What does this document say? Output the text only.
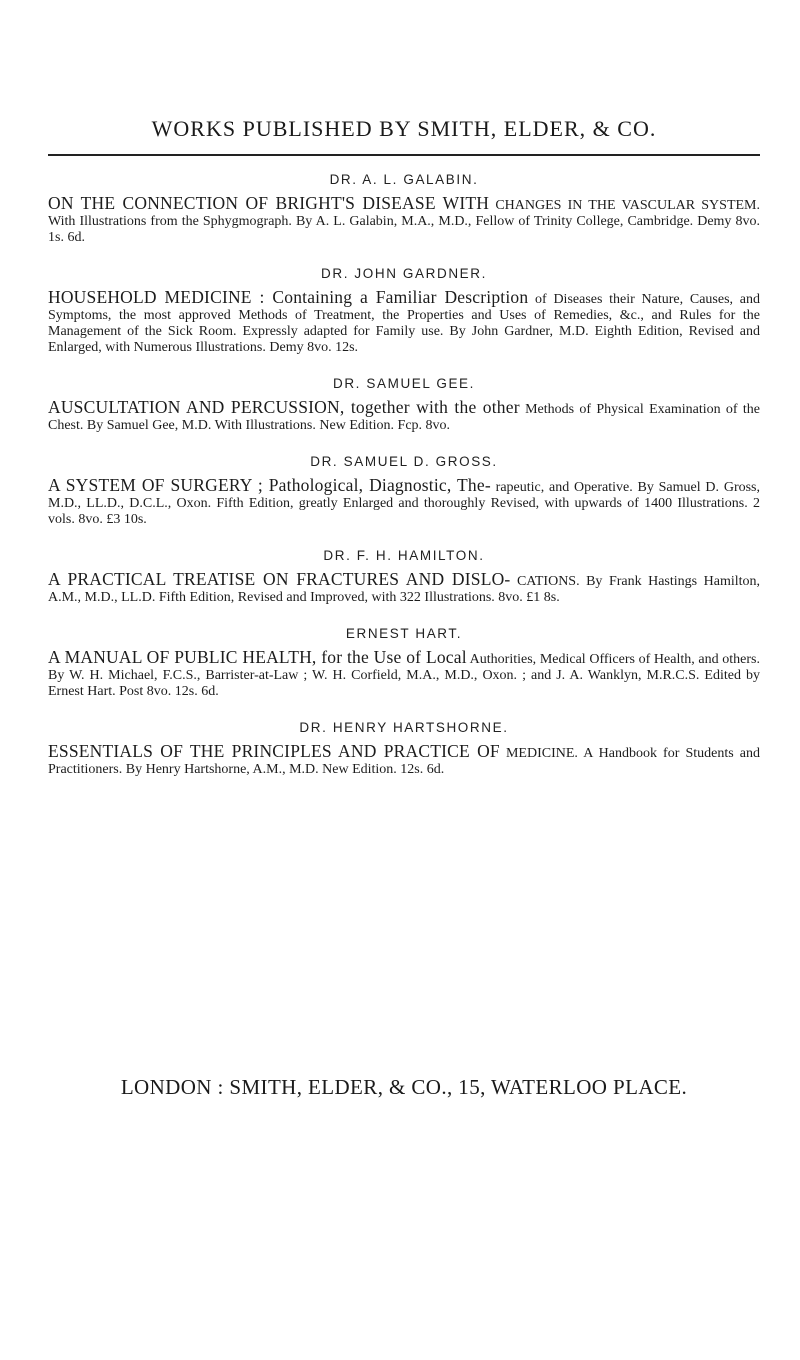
WORKS PUBLISHED BY SMITH, ELDER, & CO.
DR. A. L. GALABIN.

ON THE CONNECTION OF BRIGHT'S DISEASE WITH CHANGES IN THE VASCULAR SYSTEM. With Illustrations from the Sphygmograph. By A. L. Galabin, M.A., M.D., Fellow of Trinity College, Cambridge. Demy 8vo. 1s. 6d.

DR. JOHN GARDNER.

HOUSEHOLD MEDICINE : Containing a Familiar Description of Diseases their Nature, Causes, and Symptoms, the most approved Methods of Treatment, the Properties and Uses of Remedies, &c., and Rules for the Management of the Sick Room. Expressly adapted for Family use. By John Gardner, M.D. Eighth Edition, Revised and Enlarged, with Numerous Illustrations. Demy 8vo. 12s.

DR. SAMUEL GEE.

AUSCULTATION AND PERCUSSION, together with the other Methods of Physical Examination of the Chest. By Samuel Gee, M.D. With Illustrations. New Edition. Fcp. 8vo.

DR. SAMUEL D. GROSS.

A SYSTEM OF SURGERY ; Pathological, Diagnostic, The- rapeutic, and Operative. By Samuel D. Gross, M.D., LL.D., D.C.L., Oxon. Fifth Edition, greatly Enlarged and thoroughly Revised, with upwards of 1400 Illustrations. 2 vols. 8vo. £3 10s.

DR. F. H. HAMILTON.

A PRACTICAL TREATISE ON FRACTURES AND DISLO- CATIONS. By Frank Hastings Hamilton, A.M., M.D., LL.D. Fifth Edition, Revised and Improved, with 322 Illustrations. 8vo. £1 8s.

ERNEST HART.

A MANUAL OF PUBLIC HEALTH, for the Use of Local Authorities, Medical Officers of Health, and others. By W. H. Michael, F.C.S., Barrister-at-Law ; W. H. Corfield, M.A., M.D., Oxon. ; and J. A. Wanklyn, M.R.C.S. Edited by Ernest Hart. Post 8vo. 12s. 6d.

DR. HENRY HARTSHORNE.

ESSENTIALS OF THE PRINCIPLES AND PRACTICE OF MEDICINE. A Handbook for Students and Practitioners. By Henry Hartshorne, A.M., M.D. New Edition. 12s. 6d.

LONDON : SMITH, ELDER, & CO., 15, WATERLOO PLACE.
